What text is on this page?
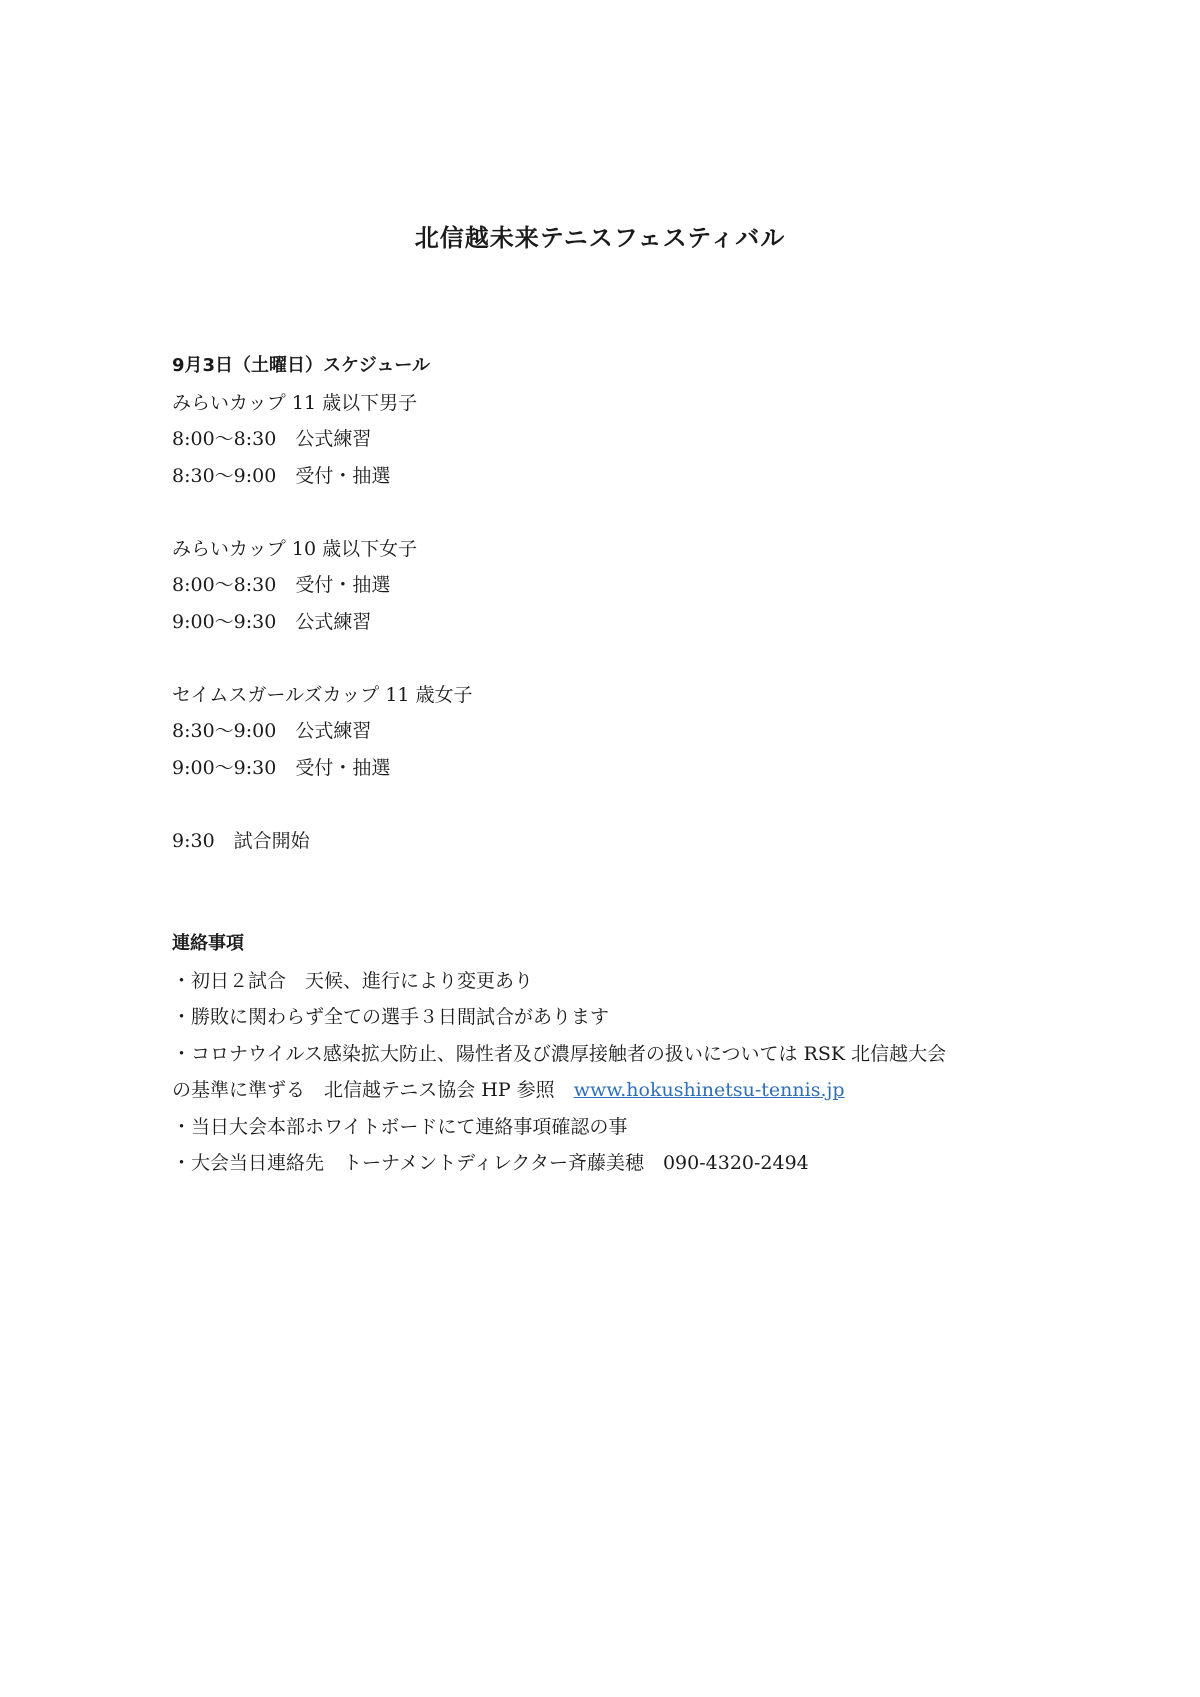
北信越未来テニスフェスティバル
9月3日（土曜日）スケジュール
みらいカップ 11 歳以下男子
8:00〜8:30　公式練習
8:30〜9:00　受付・抽選
みらいカップ 10 歳以下女子
8:00〜8:30　受付・抽選
9:00〜9:30　公式練習
セイムスガールズカップ 11 歳女子
8:30〜9:00　公式練習
9:00〜9:30　受付・抽選
9:30　試合開始
連絡事項
・初日２試合　天候、進行により変更あり
・勝敗に関わらず全ての選手３日間試合があります
・コロナウイルス感染拡大防止、陽性者及び濃厚接触者の扱いについては RSK 北信越大会
の基準に準ずる　北信越テニス協会 HP 参照　www.hokushinetsu-tennis.jp
・当日大会本部ホワイトボードにて連絡事項確認の事
・大会当日連絡先　トーナメントディレクター斉藤美穂　090-4320-2494
